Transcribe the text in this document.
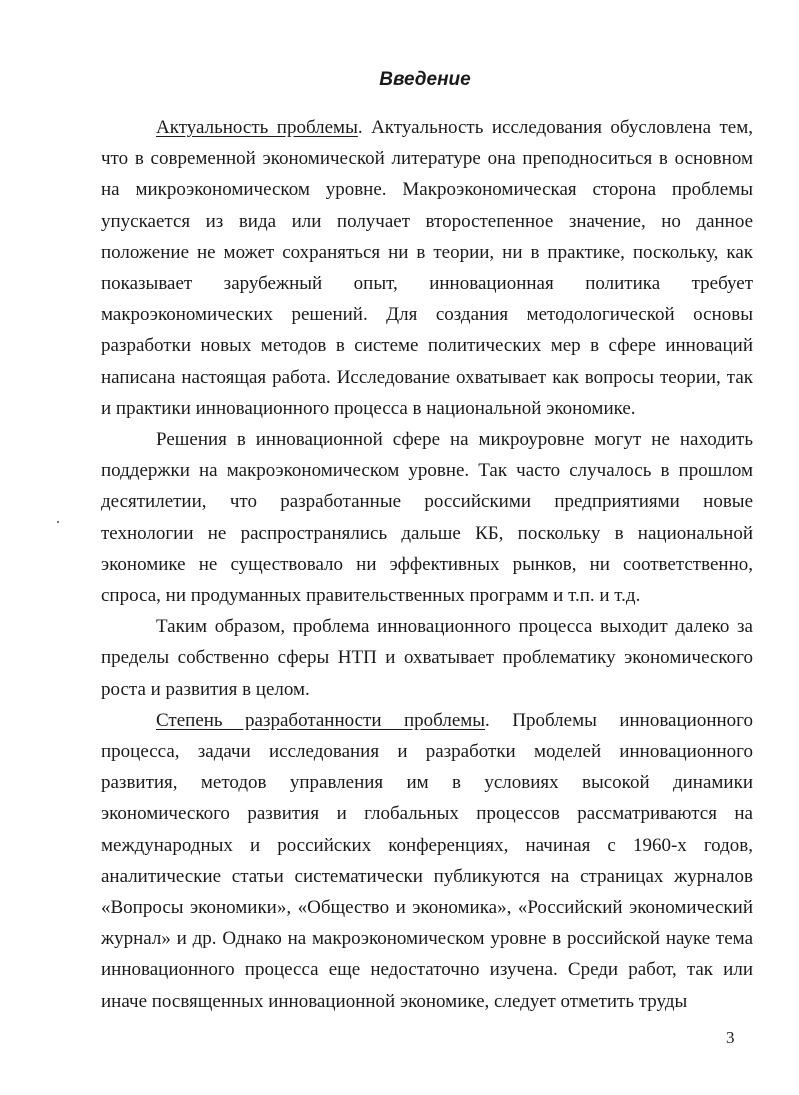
Введение

Актуальность проблемы. Актуальность исследования обусловлена тем, что в современной экономической литературе она преподноситься в основном на микроэкономическом уровне. Макроэкономическая сторона проблемы упускается из вида или получает второстепенное значение, но данное положение не может сохраняться ни в теории, ни в практике, поскольку, как показывает зарубежный опыт, инновационная политика требует макроэкономических решений. Для создания методологической основы разработки новых методов в системе политических мер в сфере инноваций написана настоящая работа. Исследование охватывает как вопросы теории, так и практики инновационного процесса в национальной экономике.

Решения в инновационной сфере на микроуровне могут не находить поддержки на макроэкономическом уровне. Так часто случалось в прошлом десятилетии, что разработанные российскими предприятиями новые технологии не распространялись дальше КБ, поскольку в национальной экономике не существовало ни эффективных рынков, ни соответственно, спроса, ни продуманных правительственных программ и т.п. и т.д.

Таким образом, проблема инновационного процесса выходит далеко за пределы собственно сферы НТП и охватывает проблематику экономического роста и развития в целом.

Степень разработанности проблемы. Проблемы инновационного процесса, задачи исследования и разработки моделей инновационного развития, методов управления им в условиях высокой динамики экономического развития и глобальных процессов рассматриваются на международных и российских конференциях, начиная с 1960-х годов, аналитические статьи систематически публикуются на страницах журналов «Вопросы экономики», «Общество и экономика», «Российский экономический журнал» и др. Однако на макроэкономическом уровне в российской науке тема инновационного процесса еще недостаточно изучена. Среди работ, так или иначе посвященных инновационной экономике, следует отметить труды

3
